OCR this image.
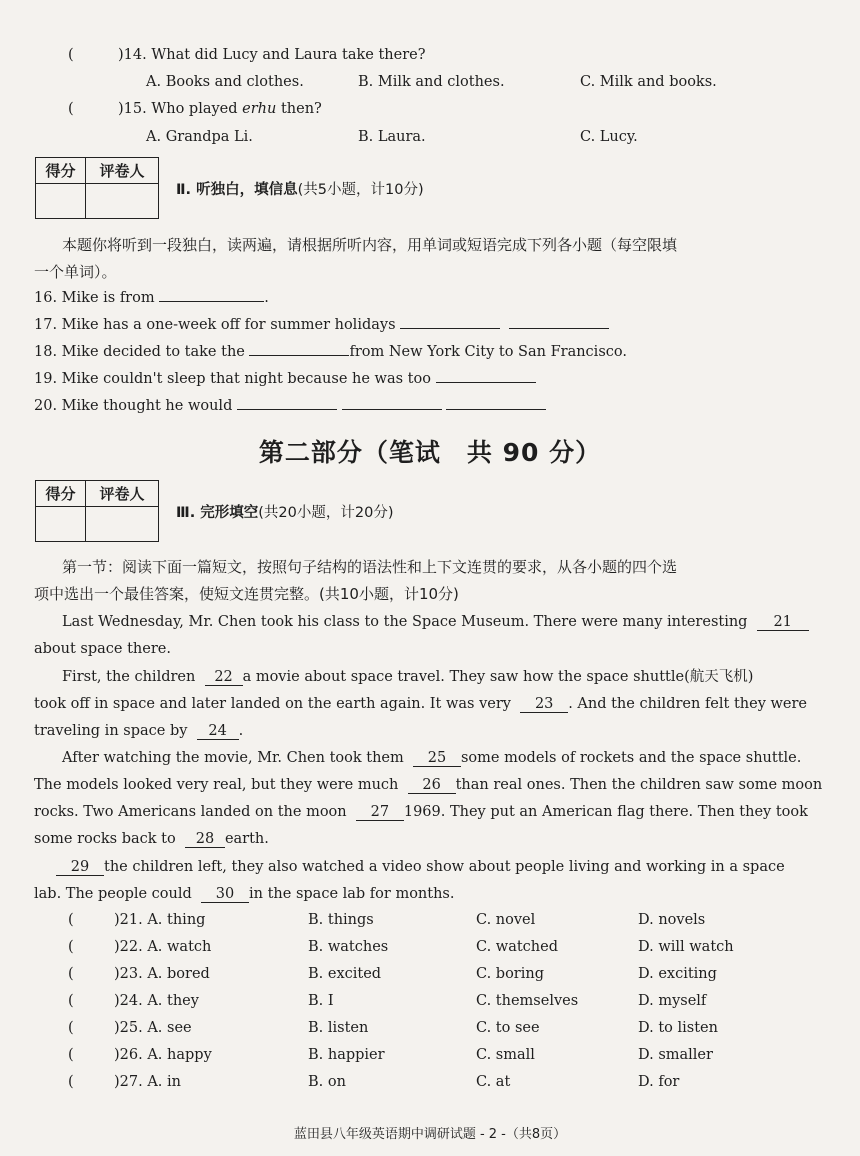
(	)14. What did Lucy and Laura take there?
A. Books and clothes.	B. Milk and clothes.	C. Milk and books.
(	)15. Who played erhu then?
A. Grandpa Li.	B. Laura.	C. Lucy.
得分	评卷人
Ⅱ. 听独白，填信息(共5小题，计10分)
本题你将听到一段独白，读两遍，请根据所听内容，用单词或短语完成下列各小题（每空限填
一个单词）。
16. Mike is from	.
17. Mike has a one-week off for summer holidays
18. Mike decided to take the	from New York City to San Francisco.
19. Mike couldn't sleep that night because he was too
20. Mike thought he would
第二部分（笔试　共 90 分）
得分	评卷人
Ⅲ. 完形填空(共20小题，计20分)
第一节：阅读下面一篇短文，按照句子结构的语法性和上下文连贯的要求，从各小题的四个选
项中选出一个最佳答案，使短文连贯完整。(共10小题，计10分)
Last Wednesday, Mr. Chen took his class to the Space Museum. There were many interesting 21
about space there.
First, the children 22 a movie about space travel. They saw how the space shuttle(航天飞机)
took off in space and later landed on the earth again. It was very 23 . And the children felt they were
traveling in space by 24 .
After watching the movie, Mr. Chen took them 25 some models of rockets and the space shuttle.
The models looked very real, but they were much 26 than real ones. Then the children saw some moon
rocks. Two Americans landed on the moon 27 1969. They put an American flag there. Then they took
some rocks back to 28 earth.
29 the children left, they also watched a video show about people living and working in a space
lab. The people could 30 in the space lab for months.
(	)21. A. thing	B. things	C. novel	D. novels
(	)22. A. watch	B. watches	C. watched	D. will watch
(	)23. A. bored	B. excited	C. boring	D. exciting
(	)24. A. they	B. I	C. themselves	D. myself
(	)25. A. see	B. listen	C. to see	D. to listen
(	)26. A. happy	B. happier	C. small	D. smaller
(	)27. A. in	B. on	C. at	D. for
蓝田县八年级英语期中调研试题 - 2 -（共8页）
